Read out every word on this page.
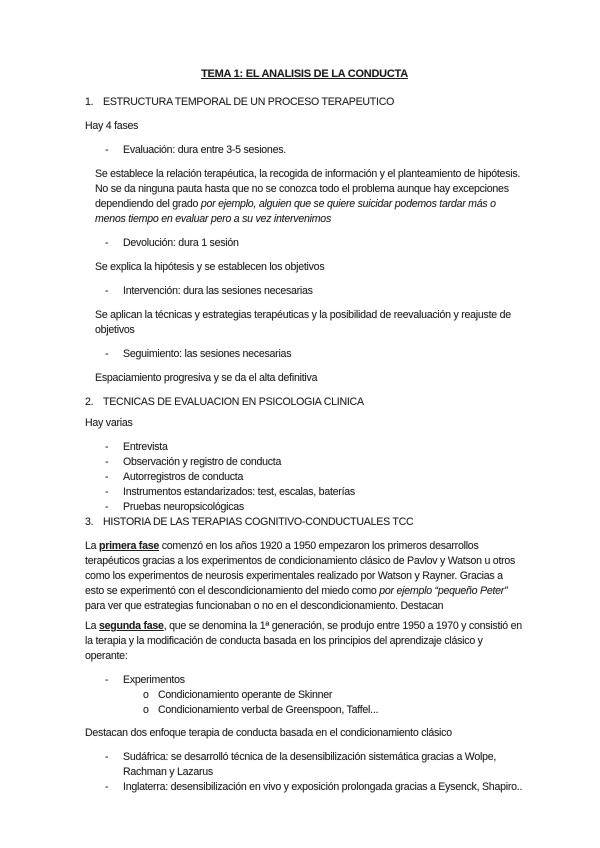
TEMA 1: EL ANALISIS DE LA CONDUCTA
1. ESTRUCTURA TEMPORAL DE UN PROCESO TERAPEUTICO

Hay 4 fases

-	Evaluación: dura entre 3-5 sesiones.

Se establece la relación terapéutica, la recogida de información y el planteamiento de hipótesis. No se da ninguna pauta hasta que no se conozca todo el problema aunque hay excepciones dependiendo del grado por ejemplo, alguien que se quiere suicidar podemos tardar más o menos tiempo en evaluar pero a su vez intervenimos

-	Devolución: dura 1 sesión

Se explica la hipótesis y se establecen los objetivos

-	Intervención: dura las sesiones necesarias

Se aplican la técnicas y estrategias terapéuticas y la posibilidad de reevaluación y reajuste de objetivos

-	Seguimiento: las sesiones necesarias

Espaciamiento progresiva y se da el alta definitiva

2. TECNICAS DE EVALUACION EN PSICOLOGIA CLINICA

Hay varias

-	Entrevista
-	Observación y registro de conducta
-	Autorregistros de conducta
-	Instrumentos estandarizados: test, escalas, baterías
-	Pruebas neuropsicológicas
3. HISTORIA DE LAS TERAPIAS COGNITIVO-CONDUCTUALES TCC

La primera fase comenzó en los años 1920 a 1950 empezaron los primeros desarrollos terapéuticos gracias a los experimentos de condicionamiento clásico de Pavlov y Watson u otros como los experimentos de neurosis experimentales realizado por Watson y Rayner. Gracias a esto se experimentó con el descondicionamiento del miedo como por ejemplo “pequeño Peter” para ver que estrategias funcionaban o no en el descondicionamiento. Destacan

La segunda fase, que se denomina la 1ª generación, se produjo entre 1950 a 1970 y consistió en la terapia y la modificación de conducta basada en los principios del aprendizaje clásico y operante:

-	Experimentos
o Condicionamiento operante de Skinner
o Condicionamiento verbal de Greenspoon, Taffel...

Destacan dos enfoque terapia de conducta basada en el condicionamiento clásico

-	Sudáfrica: se desarrolló técnica de la desensibilización sistemática gracias a Wolpe, Rachman y Lazarus
-	Inglaterra: desensibilización en vivo y exposición prolongada gracias a Eysenck, Shapiro..
